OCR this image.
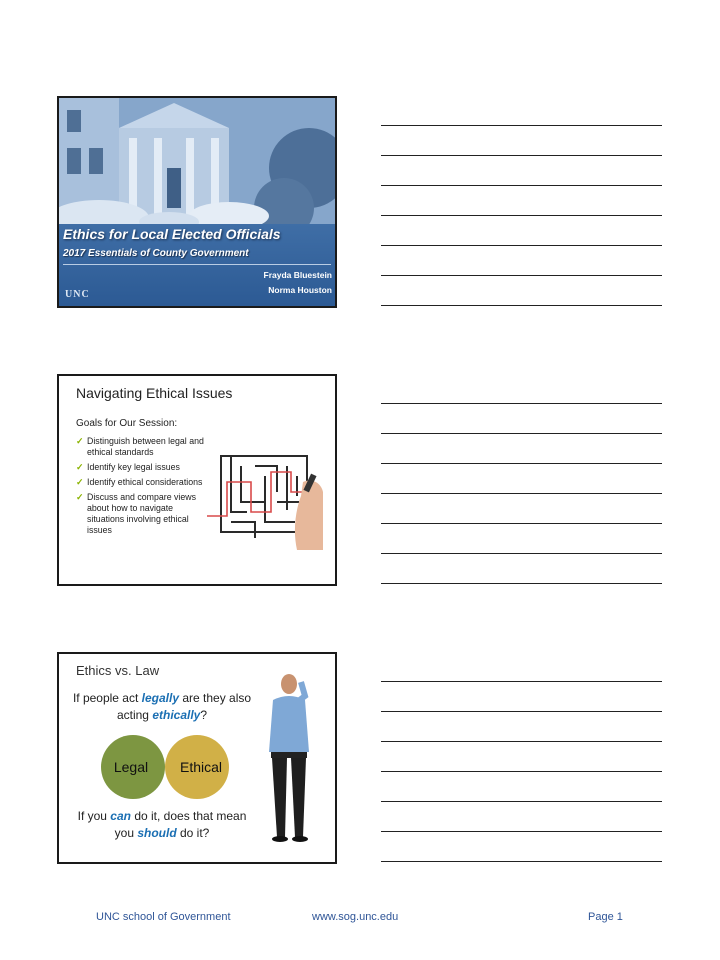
Ethics for Local Elected Officials
2017 Essentials of County Government
Frayda Bluestein
Norma Houston
UNC
Navigating Ethical Issues
Goals for Our Session:
✓ Distinguish between legal and ethical standards
✓ Identify key legal issues
✓ Identify ethical considerations
✓ Discuss and compare views about how to navigate situations involving ethical issues
Ethics vs. Law
If people act legally are they also acting ethically?
Legal Ethical
If you can do it, does that mean you should do it?
UNC school of Government	www.sog.unc.edu	Page 1
